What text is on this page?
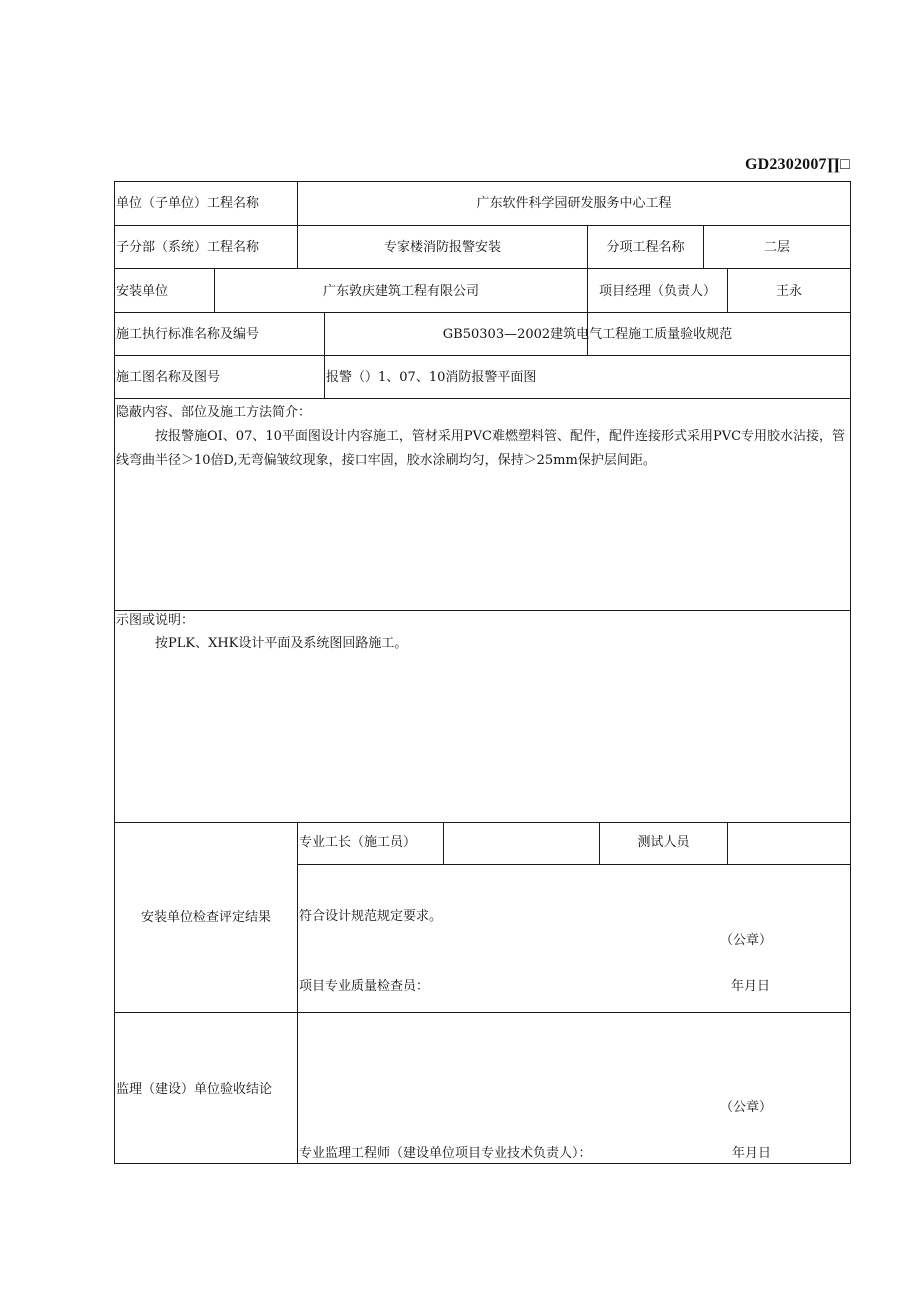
GD2302007∏□
单位（子单位）工程名称	广东软件科学园研发服务中心工程
子分部（系统）工程名称	专家楼消防报警安装	分项工程名称	二层
安装单位	广东敦庆建筑工程有限公司	项目经理（负责人）	王永
施工执行标准名称及编号	GB50303—2002建筑电气工程施工质量验收规范
施工图名称及图号	报警（）1、07、10消防报警平面图
隐蔽内容、部位及施工方法简介：
按报警施OI、07、10平面图设计内容施工，管材采用PVC难燃塑料管、配件，配件连接形式采用PVC专用胶水沾接，管线弯曲半径＞10倍D,无弯偏皱纹现象，接口牢固，胶水涂刷均匀，保持＞25mm保护层间距。
示图或说明：
按PLK、XHK设计平面及系统图回路施工。
安装单位检查评定结果
专业工长（施工员）	测试人员
符合设计规范规定要求。
（公章）
项目专业质量检查员：	年月日
监理（建设）单位验收结论
（公章）
专业监理工程师（建设单位项目专业技术负责人）：	年月日
